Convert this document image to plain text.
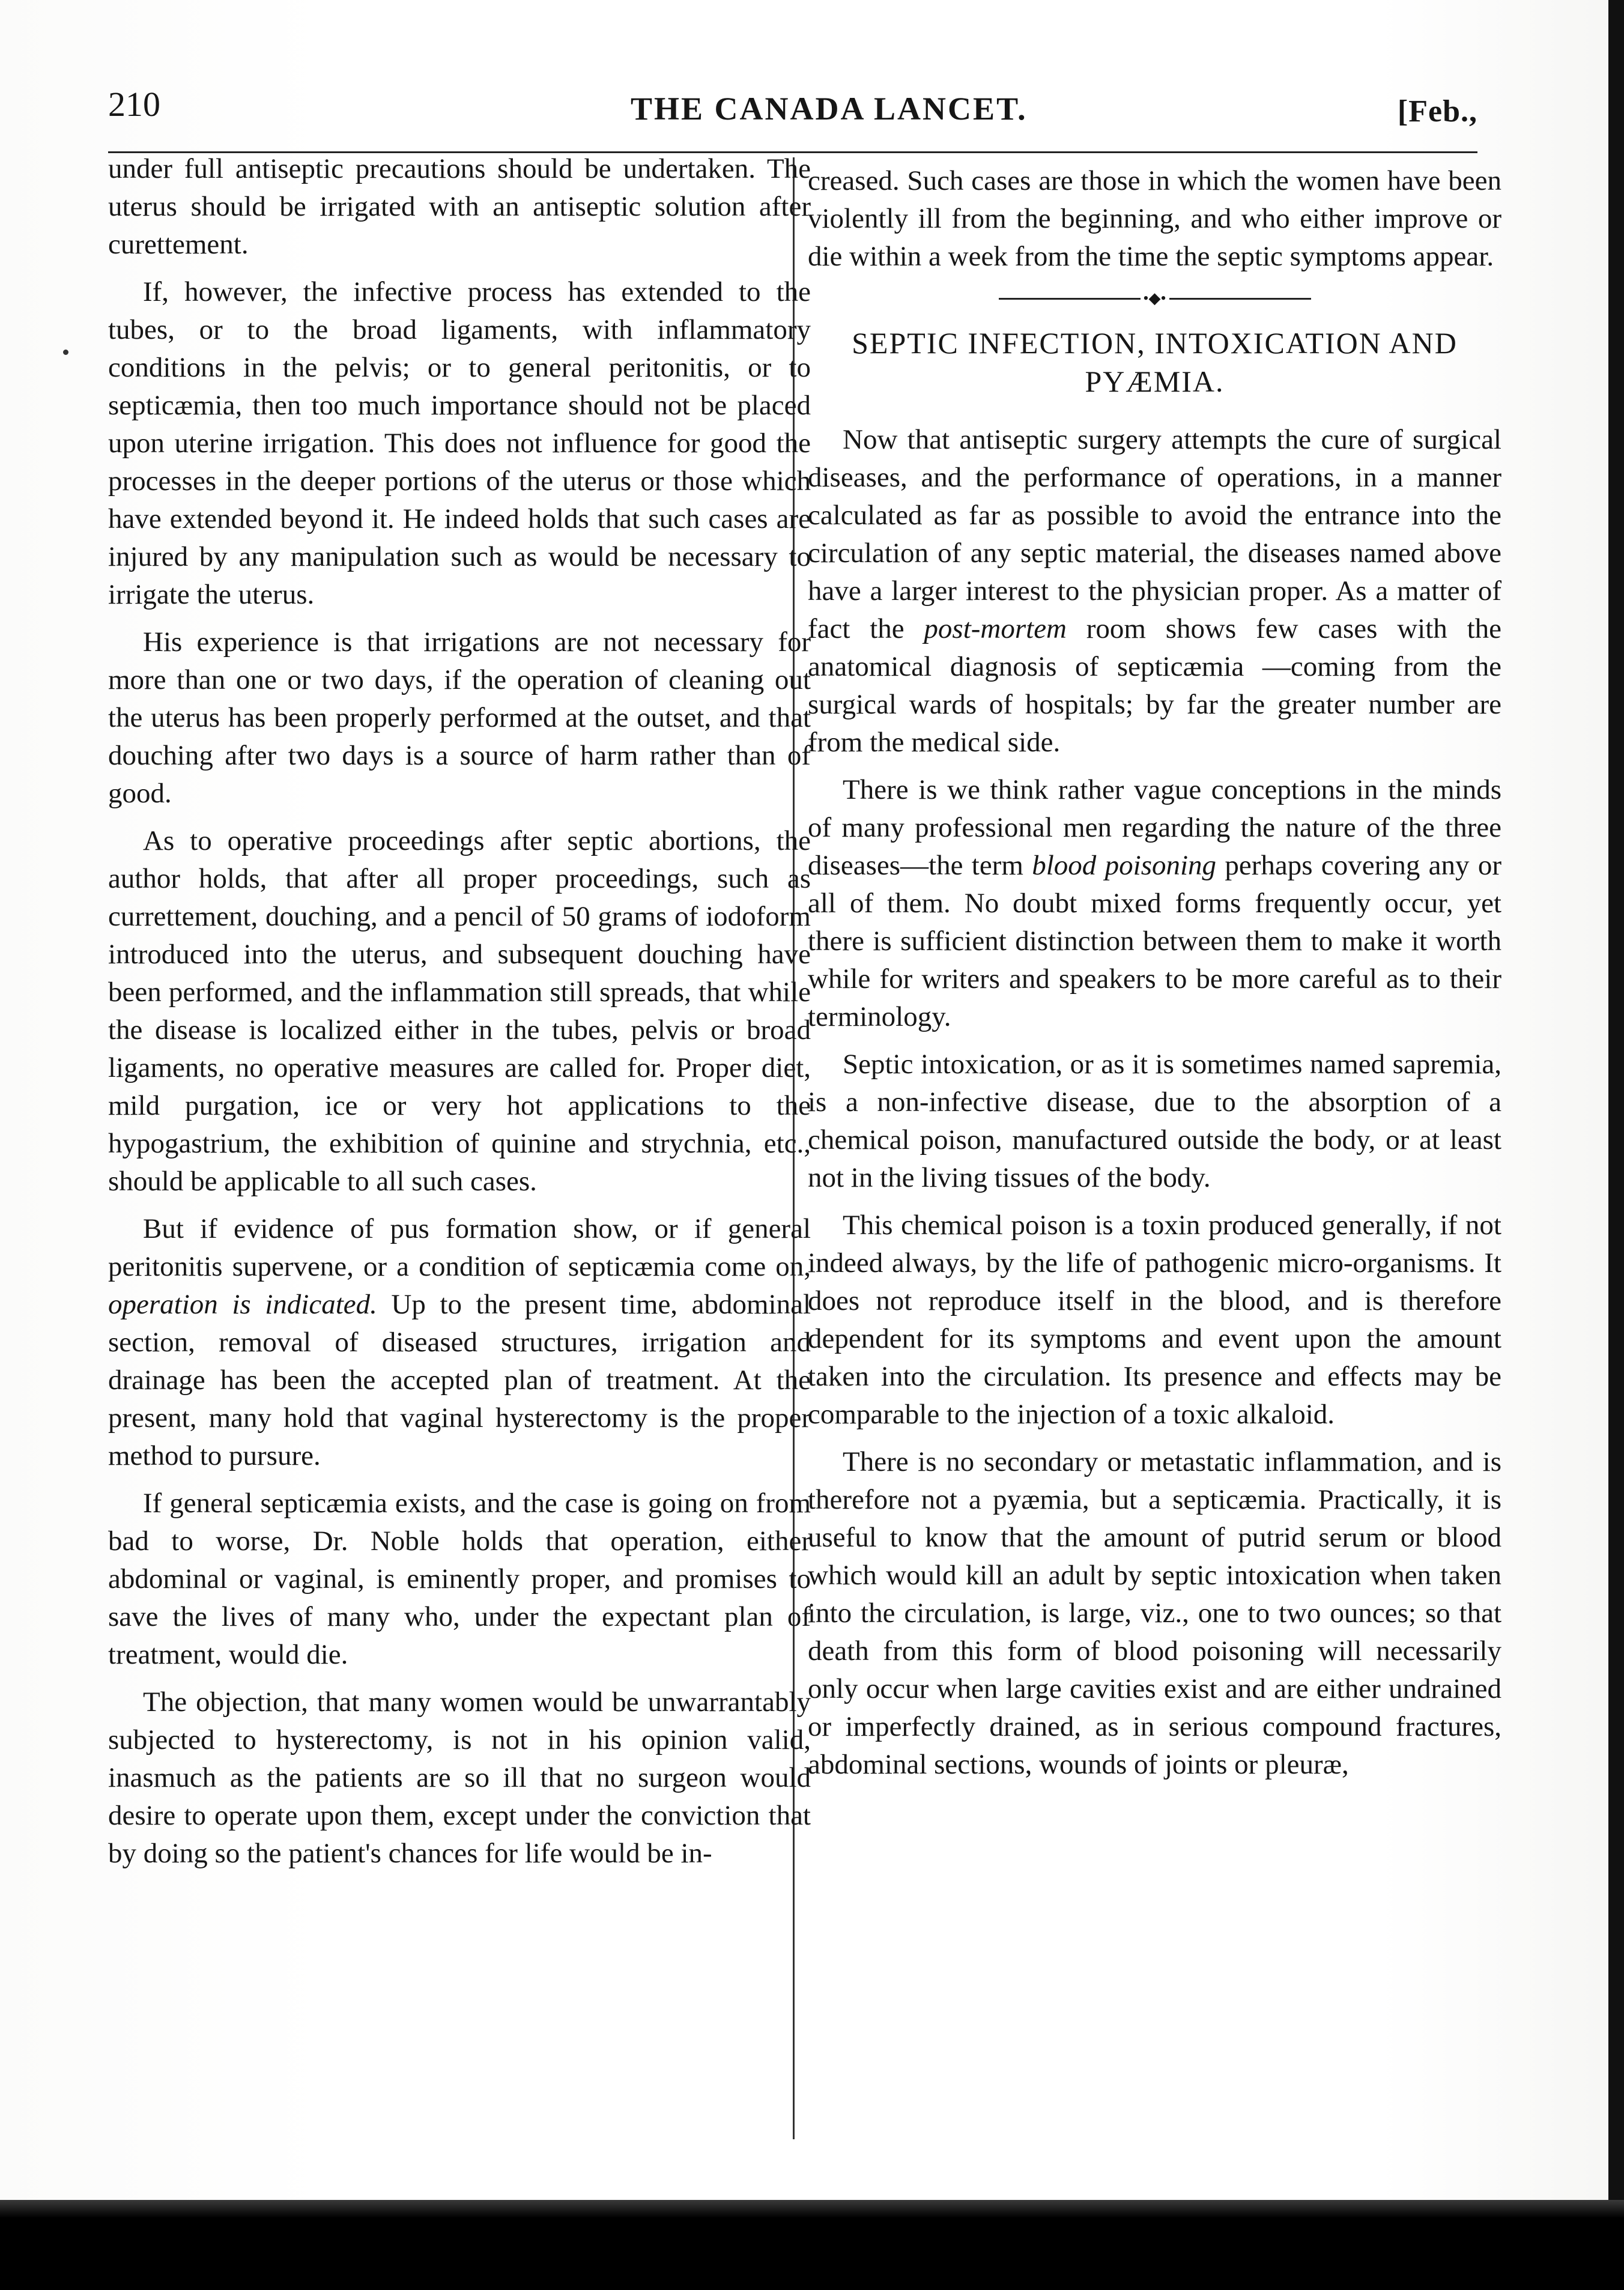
210	THE CANADA LANCET.	[Feb.,

under full antiseptic precautions should be undertaken. The uterus should be irrigated with an antiseptic solution after curettement.

If, however, the infective process has extended to the tubes, or to the broad ligaments, with inflammatory conditions in the pelvis; or to general peritonitis, or to septicæmia, then too much importance should not be placed upon uterine irrigation. This does not influence for good the processes in the deeper portions of the uterus or those which have extended beyond it. He indeed holds that such cases are injured by any manipulation such as would be necessary to irrigate the uterus.

His experience is that irrigations are not necessary for more than one or two days, if the operation of cleaning out the uterus has been properly performed at the outset, and that douching after two days is a source of harm rather than of good.

As to operative proceedings after septic abortions, the author holds, that after all proper proceedings, such as currettement, douching, and a pencil of 50 grams of iodoform introduced into the uterus, and subsequent douching have been performed, and the inflammation still spreads, that while the disease is localized either in the tubes, pelvis or broad ligaments, no operative measures are called for. Proper diet, mild purgation, ice or very hot applications to the hypogastrium, the exhibition of quinine and strychnia, etc., should be applicable to all such cases.

But if evidence of pus formation show, or if general peritonitis supervene, or a condition of septicæmia come on, operation is indicated. Up to the present time, abdominal section, removal of diseased structures, irrigation and drainage has been the accepted plan of treatment. At the present, many hold that vaginal hysterectomy is the proper method to pursure.

If general septicæmia exists, and the case is going on from bad to worse, Dr. Noble holds that operation, either abdominal or vaginal, is eminently proper, and promises to save the lives of many who, under the expectant plan of treatment, would die.

The objection, that many women would be unwarrantably subjected to hysterectomy, is not in his opinion valid, inasmuch as the patients are so ill that no surgeon would desire to operate upon them, except under the conviction that by doing so the patient's chances for life would be in-

creased. Such cases are those in which the women have been violently ill from the beginning, and who either improve or die within a week from the time the septic symptoms appear.

•◆•
SEPTIC INFECTION, INTOXICATION AND PYÆMIA.

Now that antiseptic surgery attempts the cure of surgical diseases, and the performance of operations, in a manner calculated as far as possible to avoid the entrance into the circulation of any septic material, the diseases named above have a larger interest to the physician proper. As a matter of fact the post-mortem room shows few cases with the anatomical diagnosis of septicæmia —coming from the surgical wards of hospitals; by far the greater number are from the medical side.

There is we think rather vague conceptions in the minds of many professional men regarding the nature of the three diseases—the term blood poisoning perhaps covering any or all of them. No doubt mixed forms frequently occur, yet there is sufficient distinction between them to make it worth while for writers and speakers to be more careful as to their terminology.

Septic intoxication, or as it is sometimes named sapremia, is a non-infective disease, due to the absorption of a chemical poison, manufactured outside the body, or at least not in the living tissues of the body.

This chemical poison is a toxin produced generally, if not indeed always, by the life of pathogenic micro-organisms. It does not reproduce itself in the blood, and is therefore dependent for its symptoms and event upon the amount taken into the circulation. Its presence and effects may be comparable to the injection of a toxic alkaloid.

There is no secondary or metastatic inflammation, and is therefore not a pyæmia, but a septicæmia. Practically, it is useful to know that the amount of putrid serum or blood which would kill an adult by septic intoxication when taken into the circulation, is large, viz., one to two ounces; so that death from this form of blood poisoning will necessarily only occur when large cavities exist and are either undrained or imperfectly drained, as in serious compound fractures, abdominal sections, wounds of joints or pleuræ,
